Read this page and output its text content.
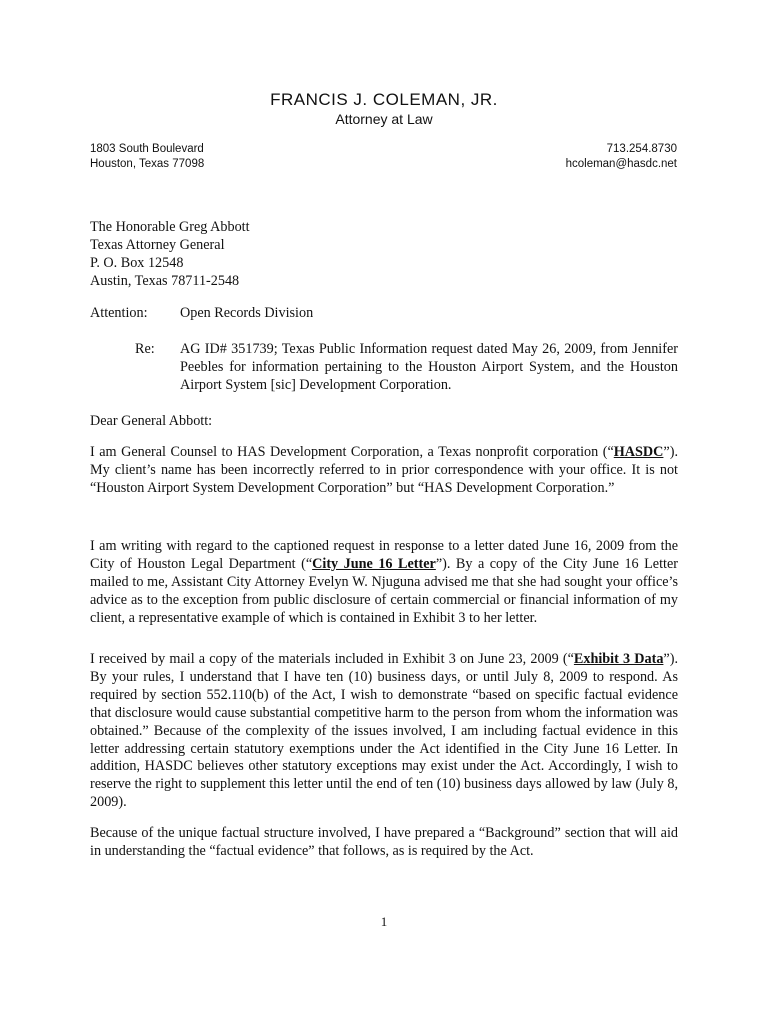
FRANCIS J. COLEMAN, JR.
Attorney at Law
1803 South Boulevard
Houston, Texas 77098
713.254.8730
hcoleman@hasdc.net
The Honorable Greg Abbott
Texas Attorney General
P. O. Box 12548
Austin, Texas 78711-2548
Attention: Open Records Division
Re: AG ID# 351739; Texas Public Information request dated May 26, 2009, from Jennifer Peebles for information pertaining to the Houston Airport System, and the Houston Airport System [sic] Development Corporation.
Dear General Abbott:
I am General Counsel to HAS Development Corporation, a Texas nonprofit corporation (“HASDC”). My client’s name has been incorrectly referred to in prior correspondence with your office. It is not “Houston Airport System Development Corporation” but “HAS Development Corporation.”
I am writing with regard to the captioned request in response to a letter dated June 16, 2009 from the City of Houston Legal Department (“City June 16 Letter”). By a copy of the City June 16 Letter mailed to me, Assistant City Attorney Evelyn W. Njuguna advised me that she had sought your office’s advice as to the exception from public disclosure of certain commercial or financial information of my client, a representative example of which is contained in Exhibit 3 to her letter.
I received by mail a copy of the materials included in Exhibit 3 on June 23, 2009 (“Exhibit 3 Data”). By your rules, I understand that I have ten (10) business days, or until July 8, 2009 to respond. As required by section 552.110(b) of the Act, I wish to demonstrate “based on specific factual evidence that disclosure would cause substantial competitive harm to the person from whom the information was obtained.” Because of the complexity of the issues involved, I am including factual evidence in this letter addressing certain statutory exemptions under the Act identified in the City June 16 Letter. In addition, HASDC believes other statutory exceptions may exist under the Act. Accordingly, I wish to reserve the right to supplement this letter until the end of ten (10) business days allowed by law (July 8, 2009).
Because of the unique factual structure involved, I have prepared a “Background” section that will aid in understanding the “factual evidence” that follows, as is required by the Act.
1
